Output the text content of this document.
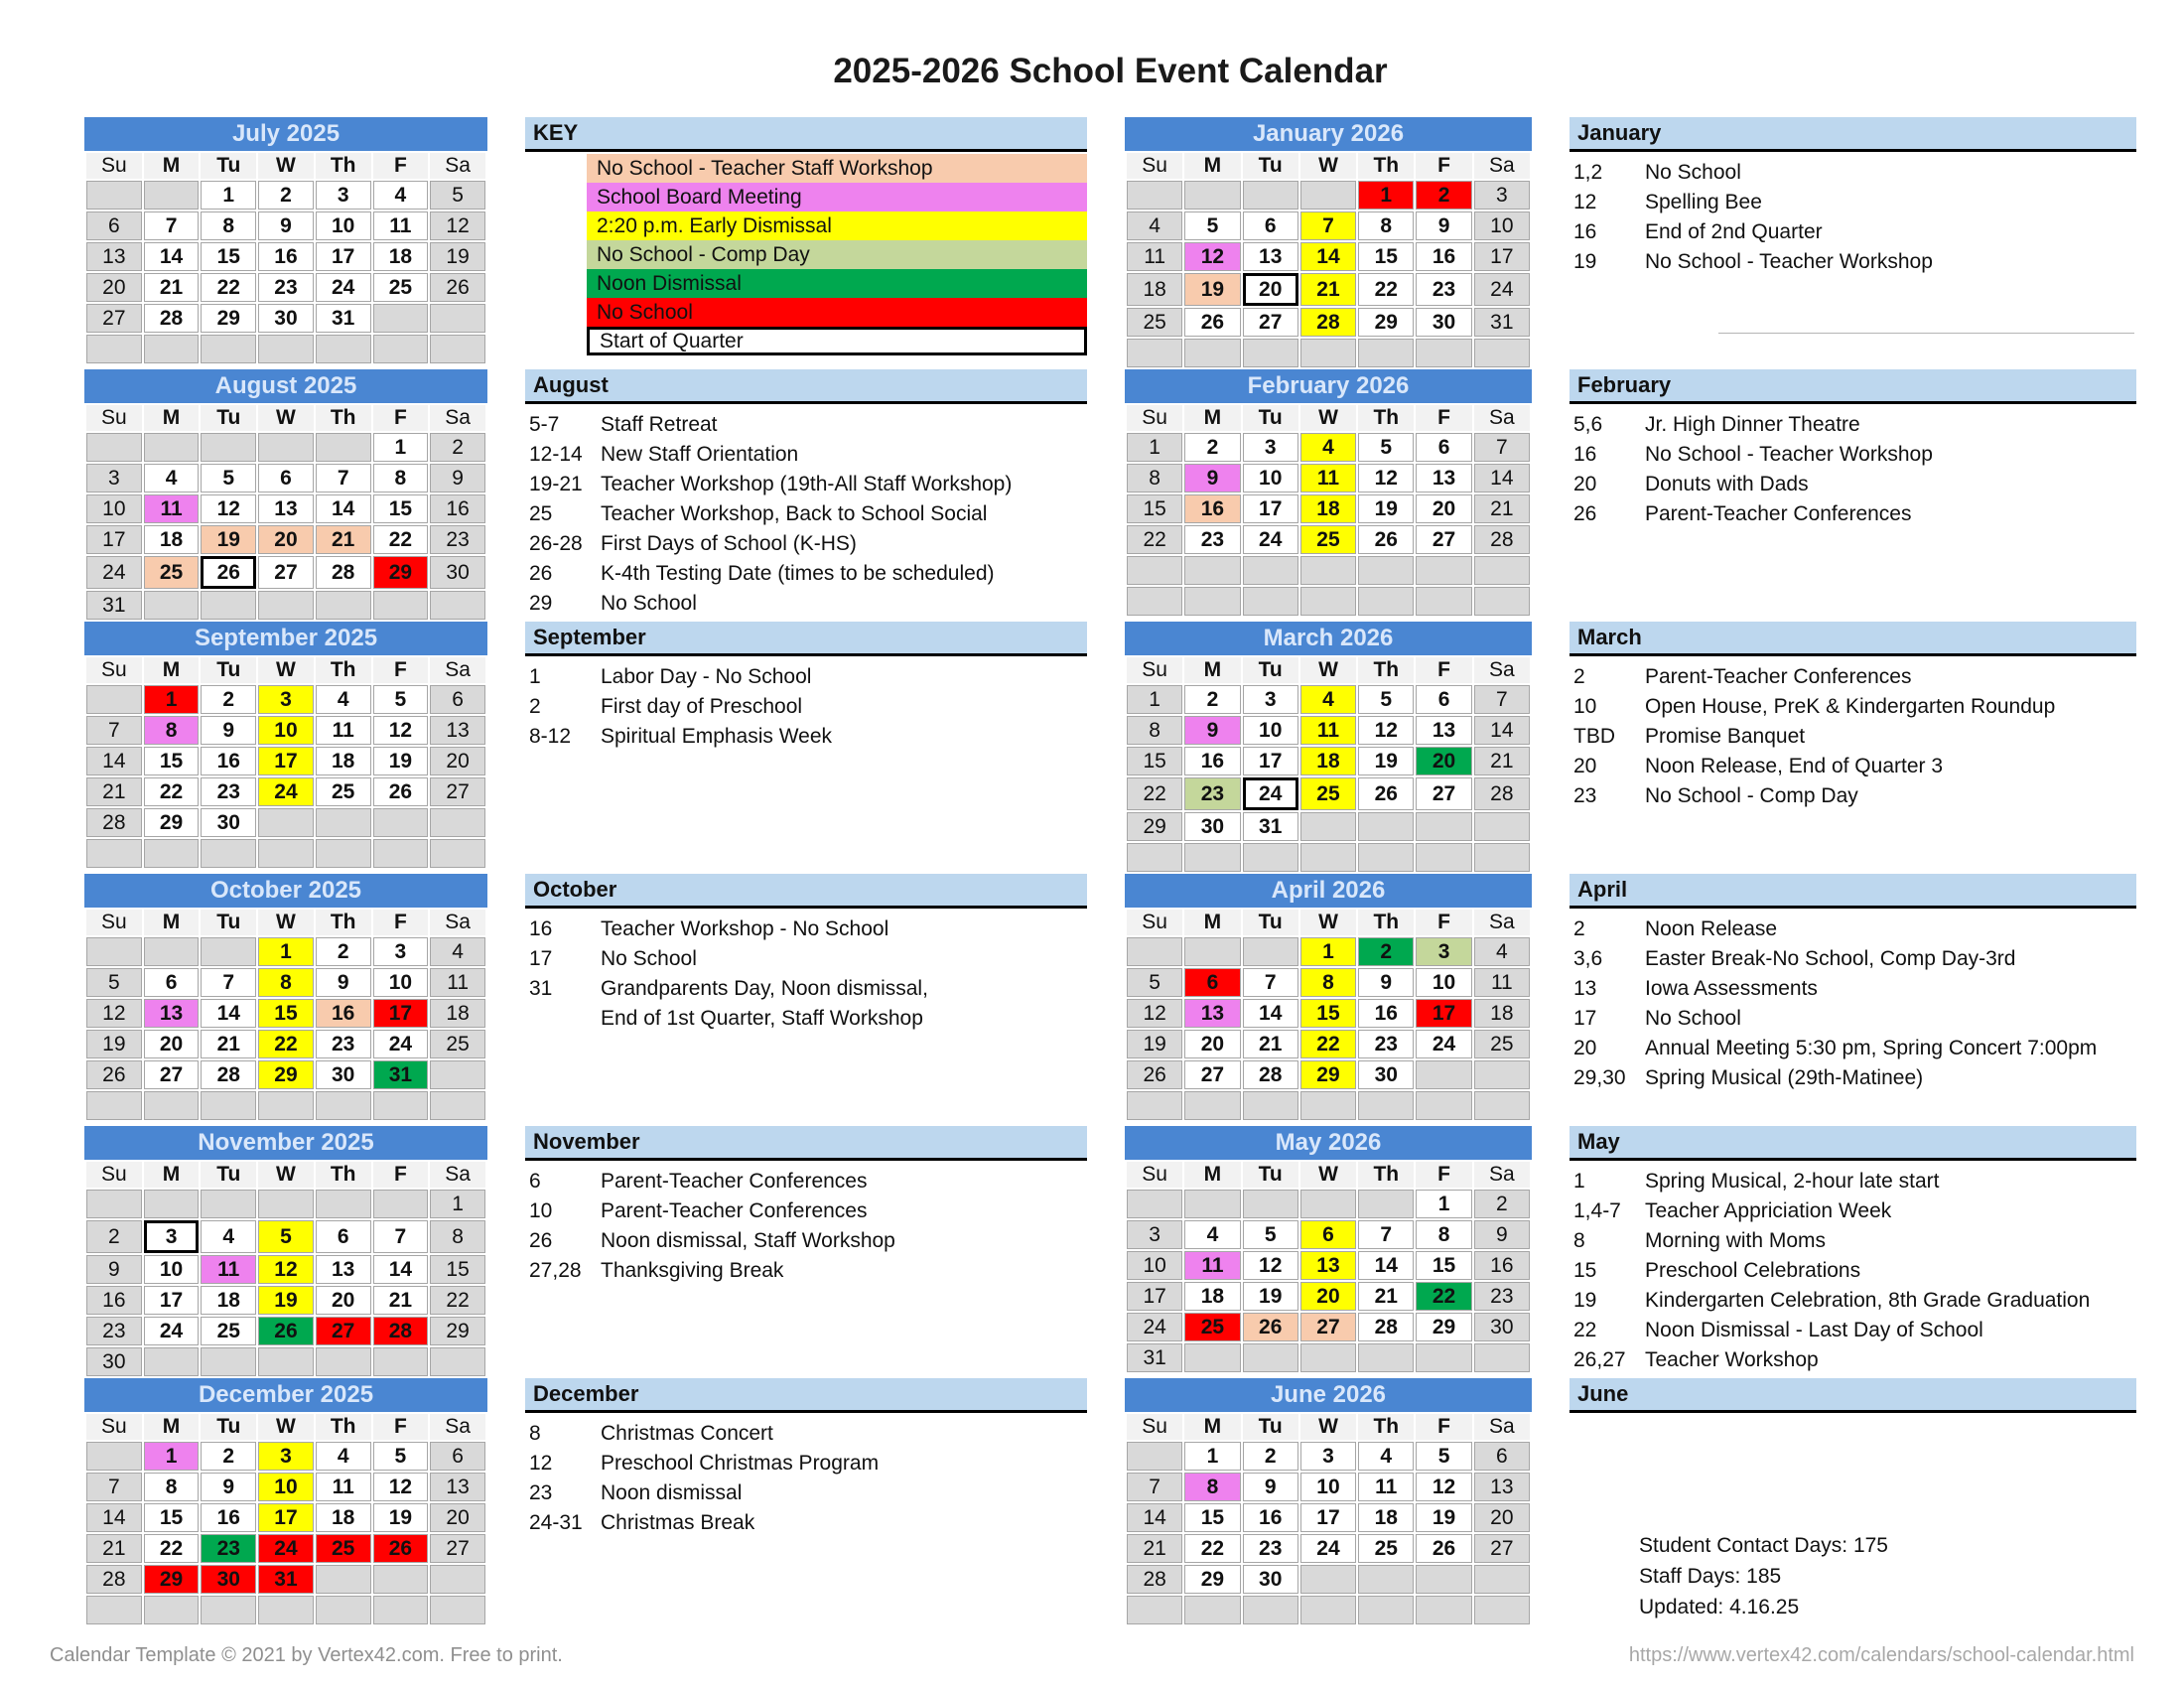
2025-2026 School Event Calendar
July 2025
Su	M	Tu	W	Th	F	Sa
		1	2	3	4	5
6	7	8	9	10	11	12
13	14	15	16	17	18	19
20	21	22	23	24	25	26
27	28	29	30	31		

August 2025
Su	M	Tu	W	Th	F	Sa
					1	2
3	4	5	6	7	8	9
10	11	12	13	14	15	16
17	18	19	20	21	22	23
24	25	26	27	28	29	30
31						
September 2025
Su	M	Tu	W	Th	F	Sa
	1	2	3	4	5	6
7	8	9	10	11	12	13
14	15	16	17	18	19	20
21	22	23	24	25	26	27
28	29	30				

October 2025
Su	M	Tu	W	Th	F	Sa
			1	2	3	4
5	6	7	8	9	10	11
12	13	14	15	16	17	18
19	20	21	22	23	24	25
26	27	28	29	30	31	

November 2025
Su	M	Tu	W	Th	F	Sa
						1
2	3	4	5	6	7	8
9	10	11	12	13	14	15
16	17	18	19	20	21	22
23	24	25	26	27	28	29
30						
December 2025
Su	M	Tu	W	Th	F	Sa
	1	2	3	4	5	6
7	8	9	10	11	12	13
14	15	16	17	18	19	20
21	22	23	24	25	26	27
28	29	30	31			

KEY
No School - Teacher Staff Workshop
School Board Meeting
2:20 p.m. Early Dismissal
No School - Comp Day
Noon Dismissal
No School
Start of Quarter
August
5-7	Staff Retreat
12-14 New Staff Orientation
19-21 Teacher Workshop (19th-All Staff Workshop)
25	Teacher Workshop, Back to School Social
26-28 First Days of School (K-HS)
26	K-4th Testing Date (times to be scheduled)
29	No School
September
1	Labor Day - No School
2	First day of Preschool
8-12	Spiritual Emphasis Week
October
16	Teacher Workshop - No School
17	No School
31	Grandparents Day, Noon dismissal,
End of 1st Quarter, Staff Workshop
November
6	Parent-Teacher Conferences
10	Parent-Teacher Conferences
26	Noon dismissal, Staff Workshop
27,28 Thanksgiving Break
December
8	Christmas Concert
12	Preschool Christmas Program
23	Noon dismissal
24-31 Christmas Break
January 2026
Su	M	Tu	W	Th	F	Sa
				1	2	3
4	5	6	7	8	9	10
11	12	13	14	15	16	17
18	19	20	21	22	23	24
25	26	27	28	29	30	31

February 2026
Su	M	Tu	W	Th	F	Sa
1	2	3	4	5	6	7
8	9	10	11	12	13	14
15	16	17	18	19	20	21
22	23	24	25	26	27	28

March 2026
Su	M	Tu	W	Th	F	Sa
1	2	3	4	5	6	7
8	9	10	11	12	13	14
15	16	17	18	19	20	21
22	23	24	25	26	27	28
29	30	31				

April 2026
Su	M	Tu	W	Th	F	Sa
			1	2	3	4
5	6	7	8	9	10	11
12	13	14	15	16	17	18
19	20	21	22	23	24	25
26	27	28	29	30		

May 2026
Su	M	Tu	W	Th	F	Sa
					1	2
3	4	5	6	7	8	9
10	11	12	13	14	15	16
17	18	19	20	21	22	23
24	25	26	27	28	29	30
31						
June 2026
Su	M	Tu	W	Th	F	Sa
	1	2	3	4	5	6
7	8	9	10	11	12	13
14	15	16	17	18	19	20
21	22	23	24	25	26	27
28	29	30				

January
1,2	No School
12	Spelling Bee
16	End of 2nd Quarter
19	No School - Teacher Workshop
February
5,6	Jr. High Dinner Theatre
16	No School - Teacher Workshop
20	Donuts with Dads
26	Parent-Teacher Conferences
March
2	Parent-Teacher Conferences
10	Open House, PreK & Kindergarten Roundup
TBD	Promise Banquet
20	Noon Release, End of Quarter 3
23	No School - Comp Day
April
2	Noon Release
3,6	Easter Break-No School, Comp Day-3rd
13	Iowa Assessments
17	No School
20	Annual Meeting 5:30 pm, Spring Concert 7:00pm
29,30 Spring Musical (29th-Matinee)
May
1	Spring Musical, 2-hour late start
1,4-7	Teacher Appriciation Week
8	Morning with Moms
15	Preschool Celebrations
19	Kindergarten Celebration, 8th Grade Graduation
22	Noon Dismissal - Last Day of School
26,27 Teacher Workshop
June
Student Contact Days: 175
Staff Days: 185
Updated: 4.16.25
Calendar Template © 2021 by Vertex42.com. Free to print.	https://www.vertex42.com/calendars/school-calendar.html
